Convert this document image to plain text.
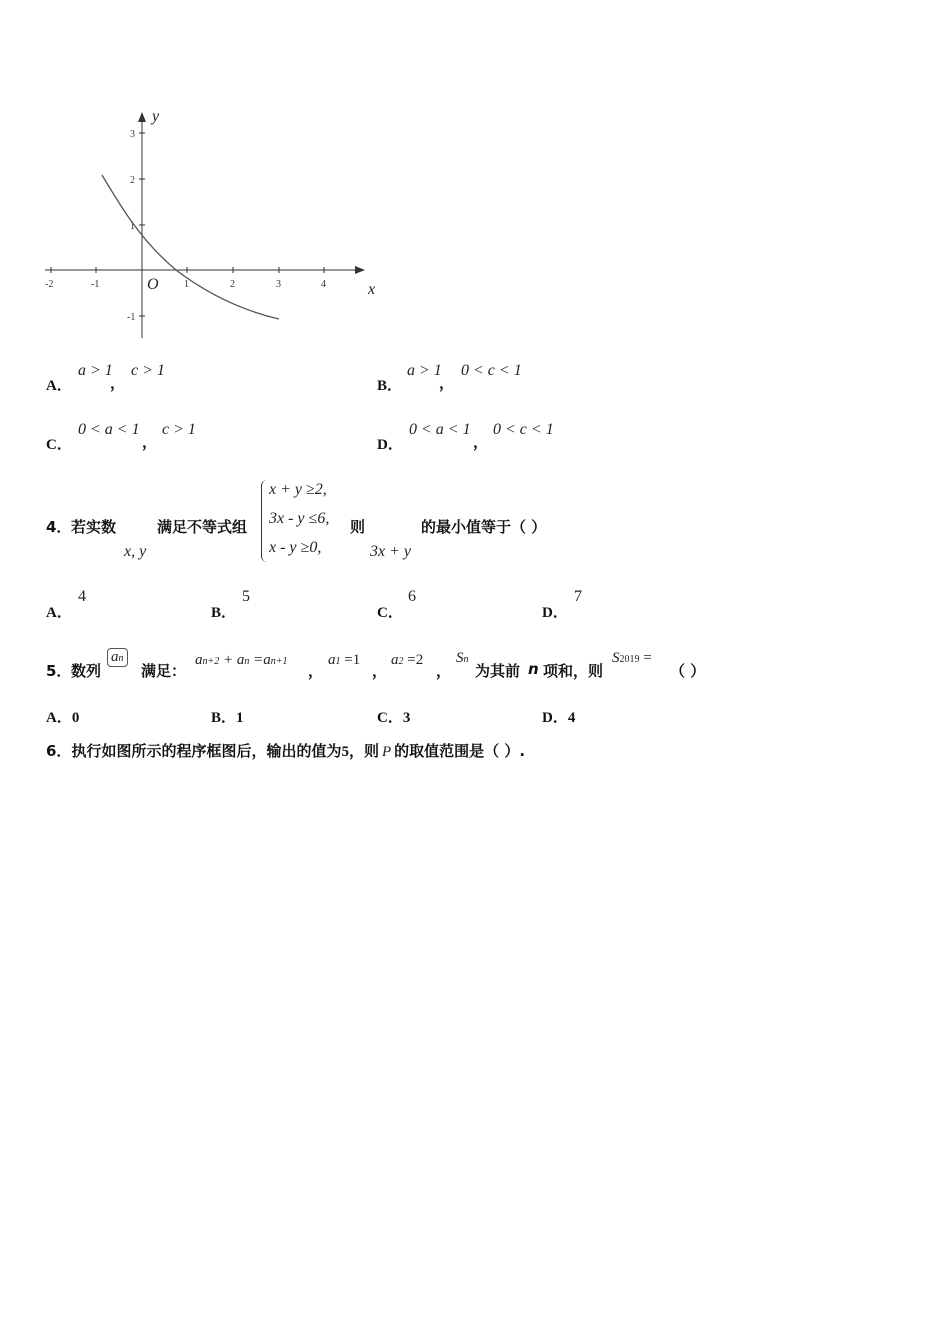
-2	-1	1	2	3	4
3
2
1
-1
O	x
y
A．
a > 1
，
c > 1
B．
a > 1
，
0 < c < 1
C．
0 < a < 1
，
c > 1
D．
0 < a < 1
，
0 < c < 1
4． 若实数
x, y
满足不等式组
x + y ≥2,
3x - y ≤6,
x - y ≥0,
则
3x + y
的最小值等于（ ）
A．
4
B．
5
C．
6
D．
7
5． 数列
an
满足：
an+2 + an =an+1
，
a1 =1
，
a2 =2
，
Sn
为其前 n 项和，则
S2019 =
（ ）
A．0	B．1	C．3	D．4
6．执行如图所示的程序框图后，输出的值为5，则 P 的取值范围是（ ）.
